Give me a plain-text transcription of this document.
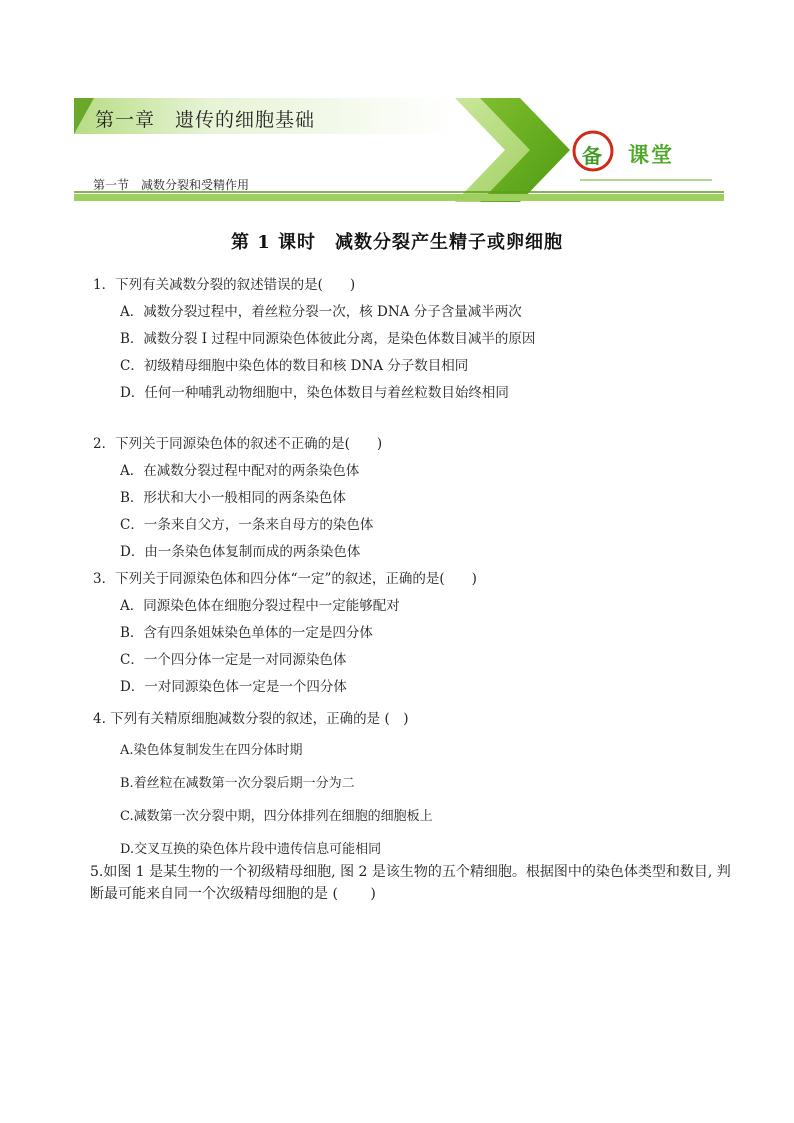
第一章　遗传的细胞基础
第一节　减数分裂和受精作用
备 课堂
第 1 课时　减数分裂产生精子或卵细胞
1．下列有关减数分裂的叙述错误的是(　　)
A．减数分裂过程中，着丝粒分裂一次，核 DNA 分子含量减半两次
B．减数分裂 Ⅰ 过程中同源染色体彼此分离，是染色体数目减半的原因
C．初级精母细胞中染色体的数目和核 DNA 分子数目相同
D．任何一种哺乳动物细胞中，染色体数目与着丝粒数目始终相同
2．下列关于同源染色体的叙述不正确的是(　　)
A．在减数分裂过程中配对的两条染色体
B．形状和大小一般相同的两条染色体
C．一条来自父方，一条来自母方的染色体
D．由一条染色体复制而成的两条染色体
3．下列关于同源染色体和四分体“一定”的叙述，正确的是(　　)
A．同源染色体在细胞分裂过程中一定能够配对
B．含有四条姐妹染色单体的一定是四分体
C．一个四分体一定是一对同源染色体
D．一对同源染色体一定是一个四分体
4. 下列有关精原细胞减数分裂的叙述，正确的是 (　)
A.染色体复制发生在四分体时期
B.着丝粒在减数第一次分裂后期一分为二
C.减数第一次分裂中期，四分体排列在细胞的细胞板上
D.交叉互换的染色体片段中遗传信息可能相同
5.如图 1 是某生物的一个初级精母细胞, 图 2 是该生物的五个精细胞。根据图中的染色体类型和数目, 判断最可能来自同一个次级精母细胞的是 (　　 )
